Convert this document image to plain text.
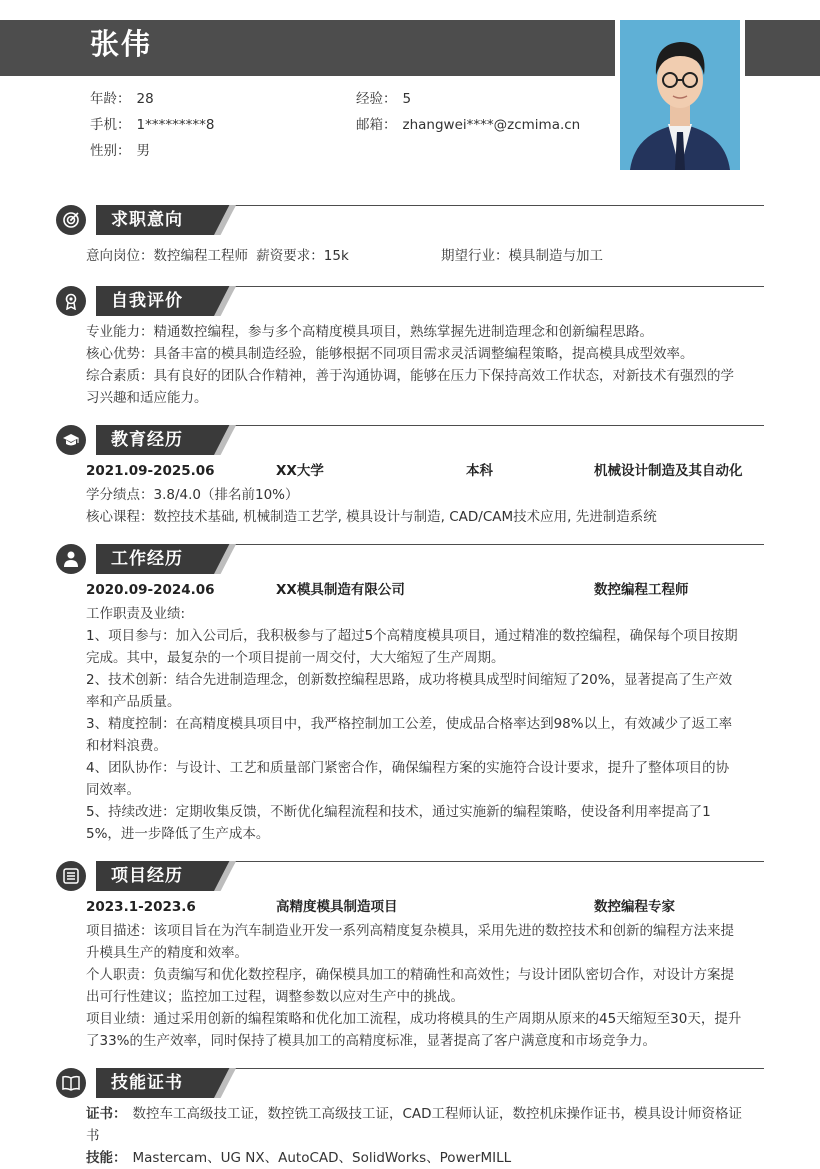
张伟
年龄： 28	经验： 5
手机： 1*********8	邮箱： zhangwei****@zcmima.cn
性别： 男
求职意向
意向岗位：数控编程工程师 薪资要求：15k	期望行业：模具制造与加工
自我评价
专业能力：精通数控编程，参与多个高精度模具项目，熟练掌握先进制造理念和创新编程思路。
核心优势：具备丰富的模具制造经验，能够根据不同项目需求灵活调整编程策略，提高模具成型效率。
综合素质：具有良好的团队合作精神，善于沟通协调，能够在压力下保持高效工作状态，对新技术有强烈的学
习兴趣和适应能力。
教育经历
2021.09-2025.06	XX大学	本科	机械设计制造及其自动化
学分绩点：3.8/4.0（排名前10%）
核心课程：数控技术基础, 机械制造工艺学, 模具设计与制造, CAD/CAM技术应用, 先进制造系统
工作经历
2020.09-2024.06	XX模具制造有限公司	数控编程工程师
工作职责及业绩:
1、项目参与：加入公司后，我积极参与了超过5个高精度模具项目，通过精准的数控编程，确保每个项目按期
完成。其中，最复杂的一个项目提前一周交付，大大缩短了生产周期。
2、技术创新：结合先进制造理念，创新数控编程思路，成功将模具成型时间缩短了20%，显著提高了生产效
率和产品质量。
3、精度控制：在高精度模具项目中，我严格控制加工公差，使成品合格率达到98%以上，有效减少了返工率
和材料浪费。
4、团队协作：与设计、工艺和质量部门紧密合作，确保编程方案的实施符合设计要求，提升了整体项目的协
同效率。
5、持续改进：定期收集反馈，不断优化编程流程和技术，通过实施新的编程策略，使设备利用率提高了1
5%，进一步降低了生产成本。
项目经历
2023.1-2023.6	高精度模具制造项目	数控编程专家
项目描述：该项目旨在为汽车制造业开发一系列高精度复杂模具，采用先进的数控技术和创新的编程方法来提
升模具生产的精度和效率。
个人职责：负责编写和优化数控程序，确保模具加工的精确性和高效性；与设计团队密切合作，对设计方案提
出可行性建议；监控加工过程，调整参数以应对生产中的挑战。
项目业绩：通过采用创新的编程策略和优化加工流程，成功将模具的生产周期从原来的45天缩短至30天，提升
了33%的生产效率，同时保持了模具加工的高精度标准，显著提高了客户满意度和市场竞争力。
技能证书
证书： 数控车工高级技工证，数控铣工高级技工证，CAD工程师认证，数控机床操作证书，模具设计师资格证
书
技能： Mastercam、UG NX、AutoCAD、SolidWorks、PowerMILL
